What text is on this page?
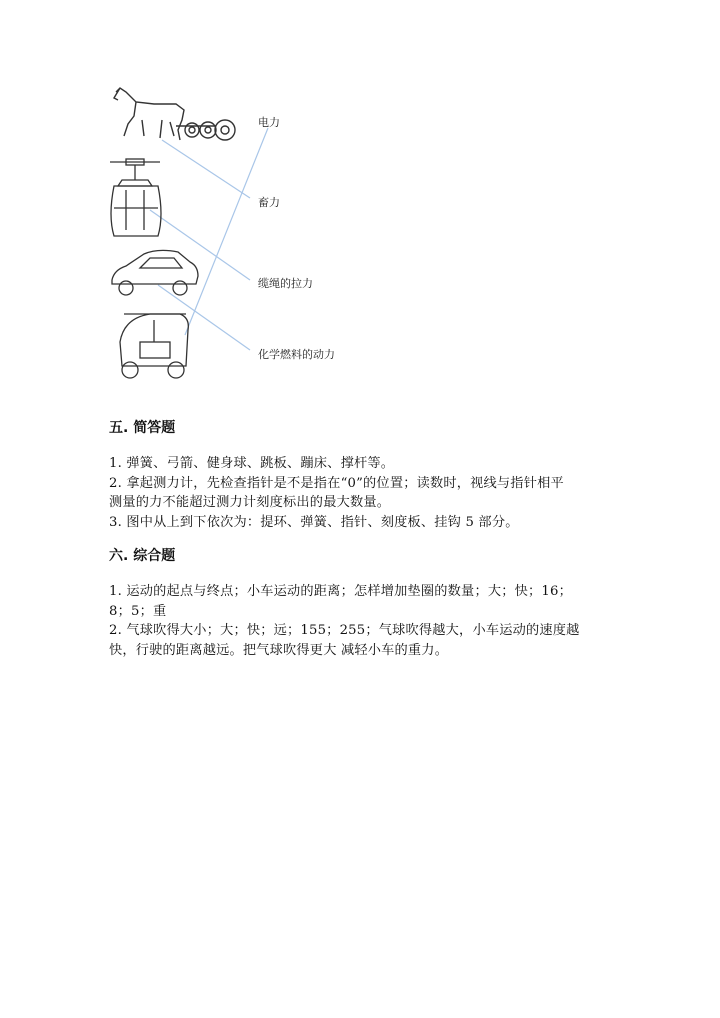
电力
畜力
缆绳的拉力
化学燃料的动力
五. 简答题
1. 弹簧、弓箭、健身球、跳板、蹦床、撑杆等。
2. 拿起测力计，先检查指针是不是指在“0”的位置；读数时，视线与指针相平
测量的力不能超过测力计刻度标出的最大数量。
3. 图中从上到下依次为：提环、弹簧、指针、刻度板、挂钩 5 部分。
六. 综合题
1. 运动的起点与终点；小车运动的距离；怎样增加垫圈的数量；大；快；16；
8；5；重
2. 气球吹得大小；大；快；远；155；255；气球吹得越大，小车运动的速度越
快，行驶的距离越远。把气球吹得更大 减轻小车的重力。
